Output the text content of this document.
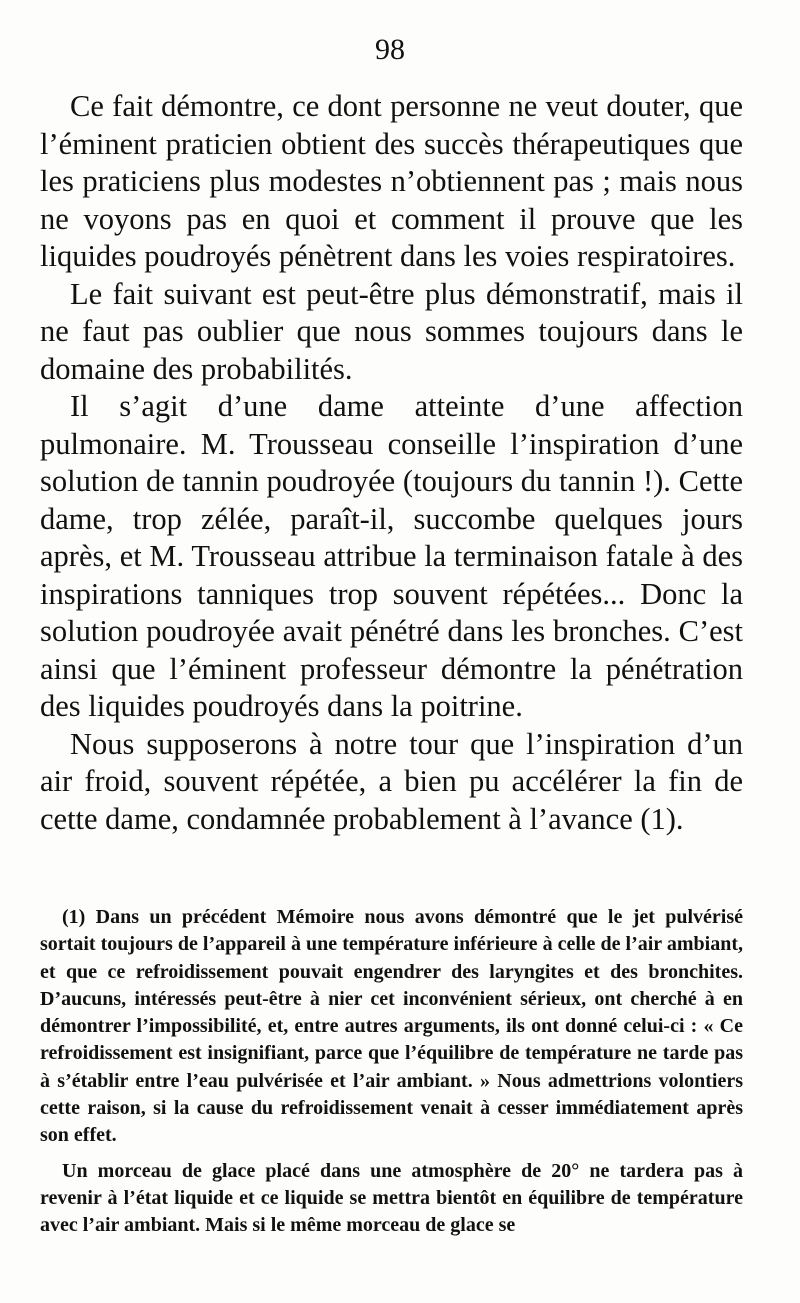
98

Ce fait démontre, ce dont personne ne veut douter, que l’éminent praticien obtient des succès thérapeutiques que les praticiens plus modestes n’obtiennent pas ; mais nous ne voyons pas en quoi et comment il prouve que les liquides poudroyés pénètrent dans les voies respiratoires.

Le fait suivant est peut-être plus démonstratif, mais il ne faut pas oublier que nous sommes toujours dans le domaine des probabilités.

Il s’agit d’une dame atteinte d’une affection pulmonaire. M. Trousseau conseille l’inspiration d’une solution de tannin poudroyée (toujours du tannin !). Cette dame, trop zélée, paraît-il, succombe quelques jours après, et M. Trousseau attribue la terminaison fatale à des inspirations tanniques trop souvent répétées... Donc la solution poudroyée avait pénétré dans les bronches. C’est ainsi que l’éminent professeur démontre la pénétration des liquides poudroyés dans la poitrine.

Nous supposerons à notre tour que l’inspiration d’un air froid, souvent répétée, a bien pu accélérer la fin de cette dame, condamnée probablement à l’avance (1).

(1) Dans un précédent Mémoire nous avons démontré que le jet pulvérisé sortait toujours de l’appareil à une température inférieure à celle de l’air ambiant, et que ce refroidissement pouvait engendrer des laryngites et des bronchites. D’aucuns, intéressés peut-être à nier cet inconvénient sérieux, ont cherché à en démontrer l’impossibilité, et, entre autres arguments, ils ont donné celui-ci : « Ce refroidissement est insignifiant, parce que l’équilibre de température ne tarde pas à s’établir entre l’eau pulvérisée et l’air ambiant. » Nous admettrions volontiers cette raison, si la cause du refroidissement venait à cesser immédiatement après son effet.

Un morceau de glace placé dans une atmosphère de 20° ne tardera pas à revenir à l’état liquide et ce liquide se mettra bientôt en équilibre de température avec l’air ambiant. Mais si le même morceau de glace se
